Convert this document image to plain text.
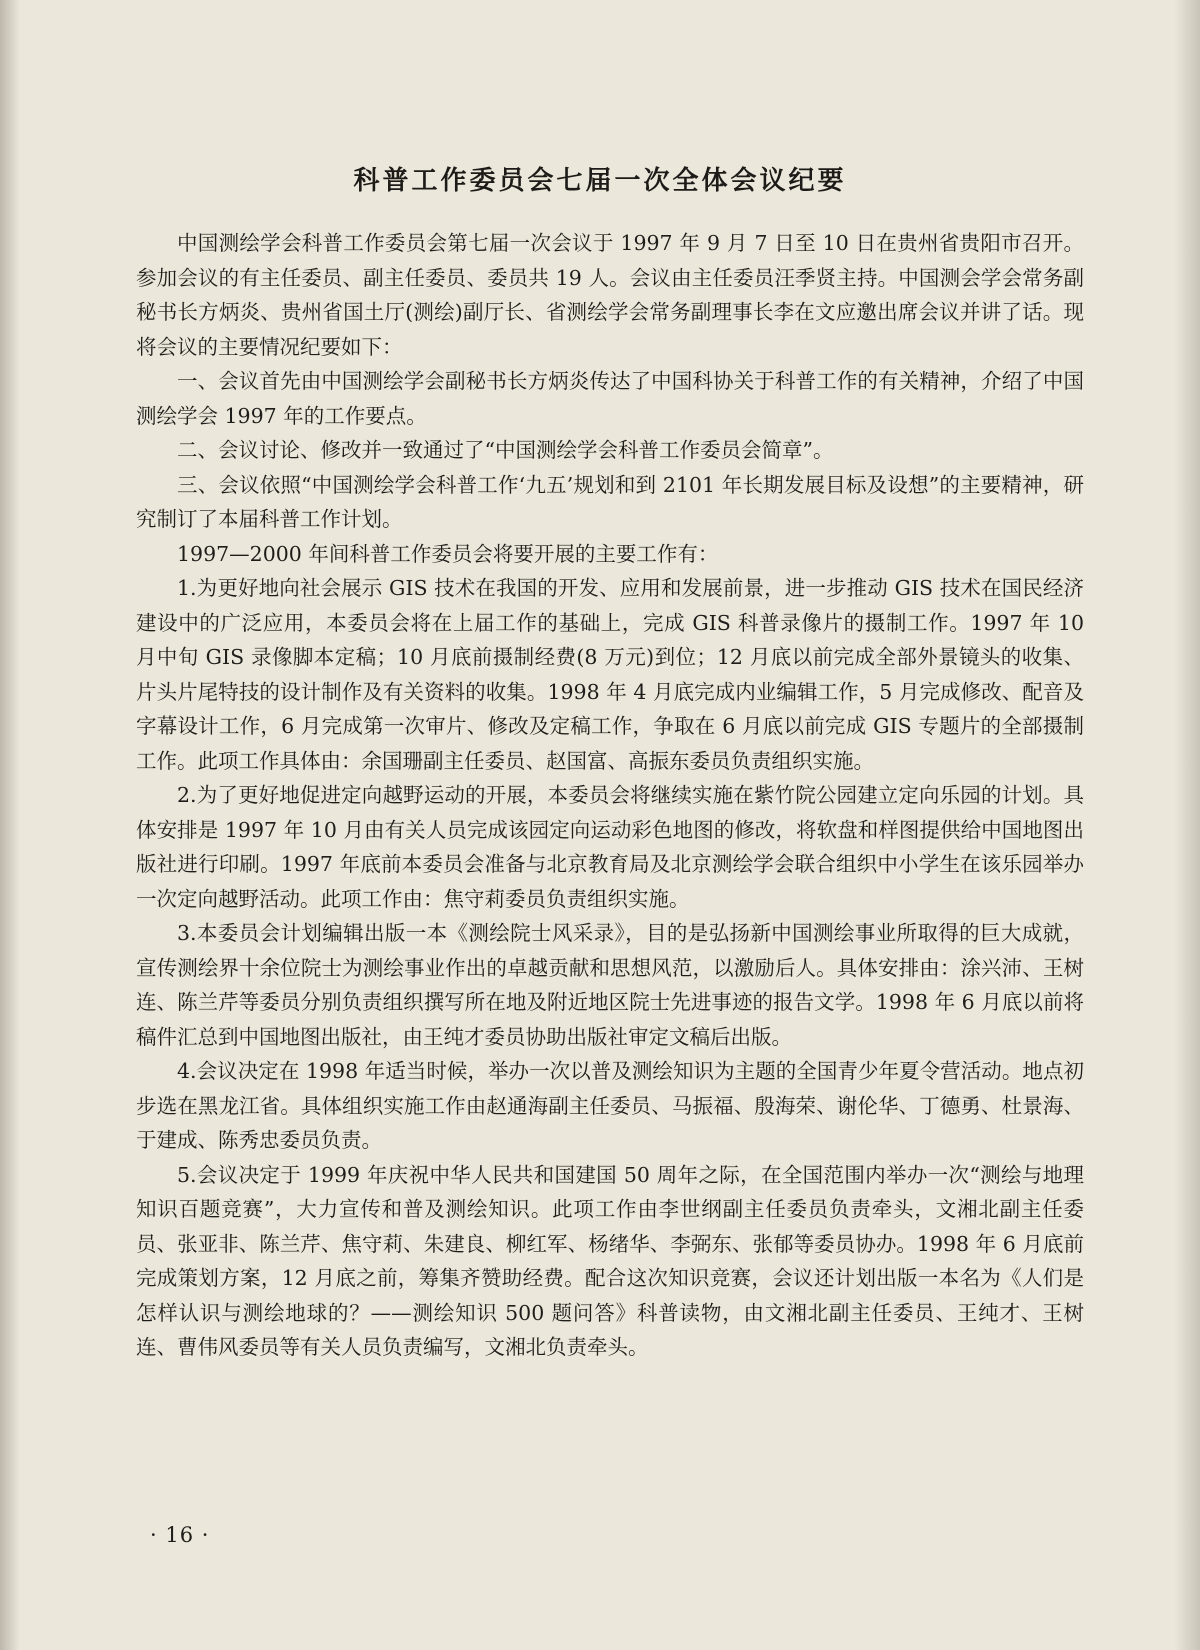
科普工作委员会七届一次全体会议纪要

中国测绘学会科普工作委员会第七届一次会议于 1997 年 9 月 7 日至 10 日在贵州省贵阳市召开。参加会议的有主任委员、副主任委员、委员共 19 人。会议由主任委员汪季贤主持。中国测会学会常务副秘书长方炳炎、贵州省国土厅(测绘)副厅长、省测绘学会常务副理事长李在文应邀出席会议并讲了话。现将会议的主要情况纪要如下：

一、会议首先由中国测绘学会副秘书长方炳炎传达了中国科协关于科普工作的有关精神，介绍了中国测绘学会 1997 年的工作要点。

二、会议讨论、修改并一致通过了“中国测绘学会科普工作委员会简章”。

三、会议依照“中国测绘学会科普工作‘九五’规划和到 2101 年长期发展目标及设想”的主要精神，研究制订了本届科普工作计划。

1997—2000 年间科普工作委员会将要开展的主要工作有：

1.为更好地向社会展示 GIS 技术在我国的开发、应用和发展前景，进一步推动 GIS 技术在国民经济建设中的广泛应用，本委员会将在上届工作的基础上，完成 GIS 科普录像片的摄制工作。1997 年 10 月中旬 GIS 录像脚本定稿；10 月底前摄制经费(8 万元)到位；12 月底以前完成全部外景镜头的收集、片头片尾特技的设计制作及有关资料的收集。1998 年 4 月底完成内业编辑工作，5 月完成修改、配音及字幕设计工作，6 月完成第一次审片、修改及定稿工作，争取在 6 月底以前完成 GIS 专题片的全部摄制工作。此项工作具体由：余国珊副主任委员、赵国富、高振东委员负责组织实施。

2.为了更好地促进定向越野运动的开展，本委员会将继续实施在紫竹院公园建立定向乐园的计划。具体安排是 1997 年 10 月由有关人员完成该园定向运动彩色地图的修改，将软盘和样图提供给中国地图出版社进行印刷。1997 年底前本委员会准备与北京教育局及北京测绘学会联合组织中小学生在该乐园举办一次定向越野活动。此项工作由：焦守莉委员负责组织实施。

3.本委员会计划编辑出版一本《测绘院士风采录》，目的是弘扬新中国测绘事业所取得的巨大成就，宣传测绘界十余位院士为测绘事业作出的卓越贡献和思想风范，以激励后人。具体安排由：涂兴沛、王树连、陈兰芹等委员分别负责组织撰写所在地及附近地区院士先进事迹的报告文学。1998 年 6 月底以前将稿件汇总到中国地图出版社，由王纯才委员协助出版社审定文稿后出版。

4.会议决定在 1998 年适当时候，举办一次以普及测绘知识为主题的全国青少年夏令营活动。地点初步选在黑龙江省。具体组织实施工作由赵通海副主任委员、马振福、殷海荣、谢伦华、丁德勇、杜景海、于建成、陈秀忠委员负责。

5.会议决定于 1999 年庆祝中华人民共和国建国 50 周年之际，在全国范围内举办一次“测绘与地理知识百题竞赛”，大力宣传和普及测绘知识。此项工作由李世纲副主任委员负责牵头，文湘北副主任委员、张亚非、陈兰芹、焦守莉、朱建良、柳红军、杨绪华、李弼东、张郁等委员协办。1998 年 6 月底前完成策划方案，12 月底之前，筹集齐赞助经费。配合这次知识竞赛，会议还计划出版一本名为《人们是怎样认识与测绘地球的？——测绘知识 500 题问答》科普读物，由文湘北副主任委员、王纯才、王树连、曹伟风委员等有关人员负责编写，文湘北负责牵头。

· 16 ·
